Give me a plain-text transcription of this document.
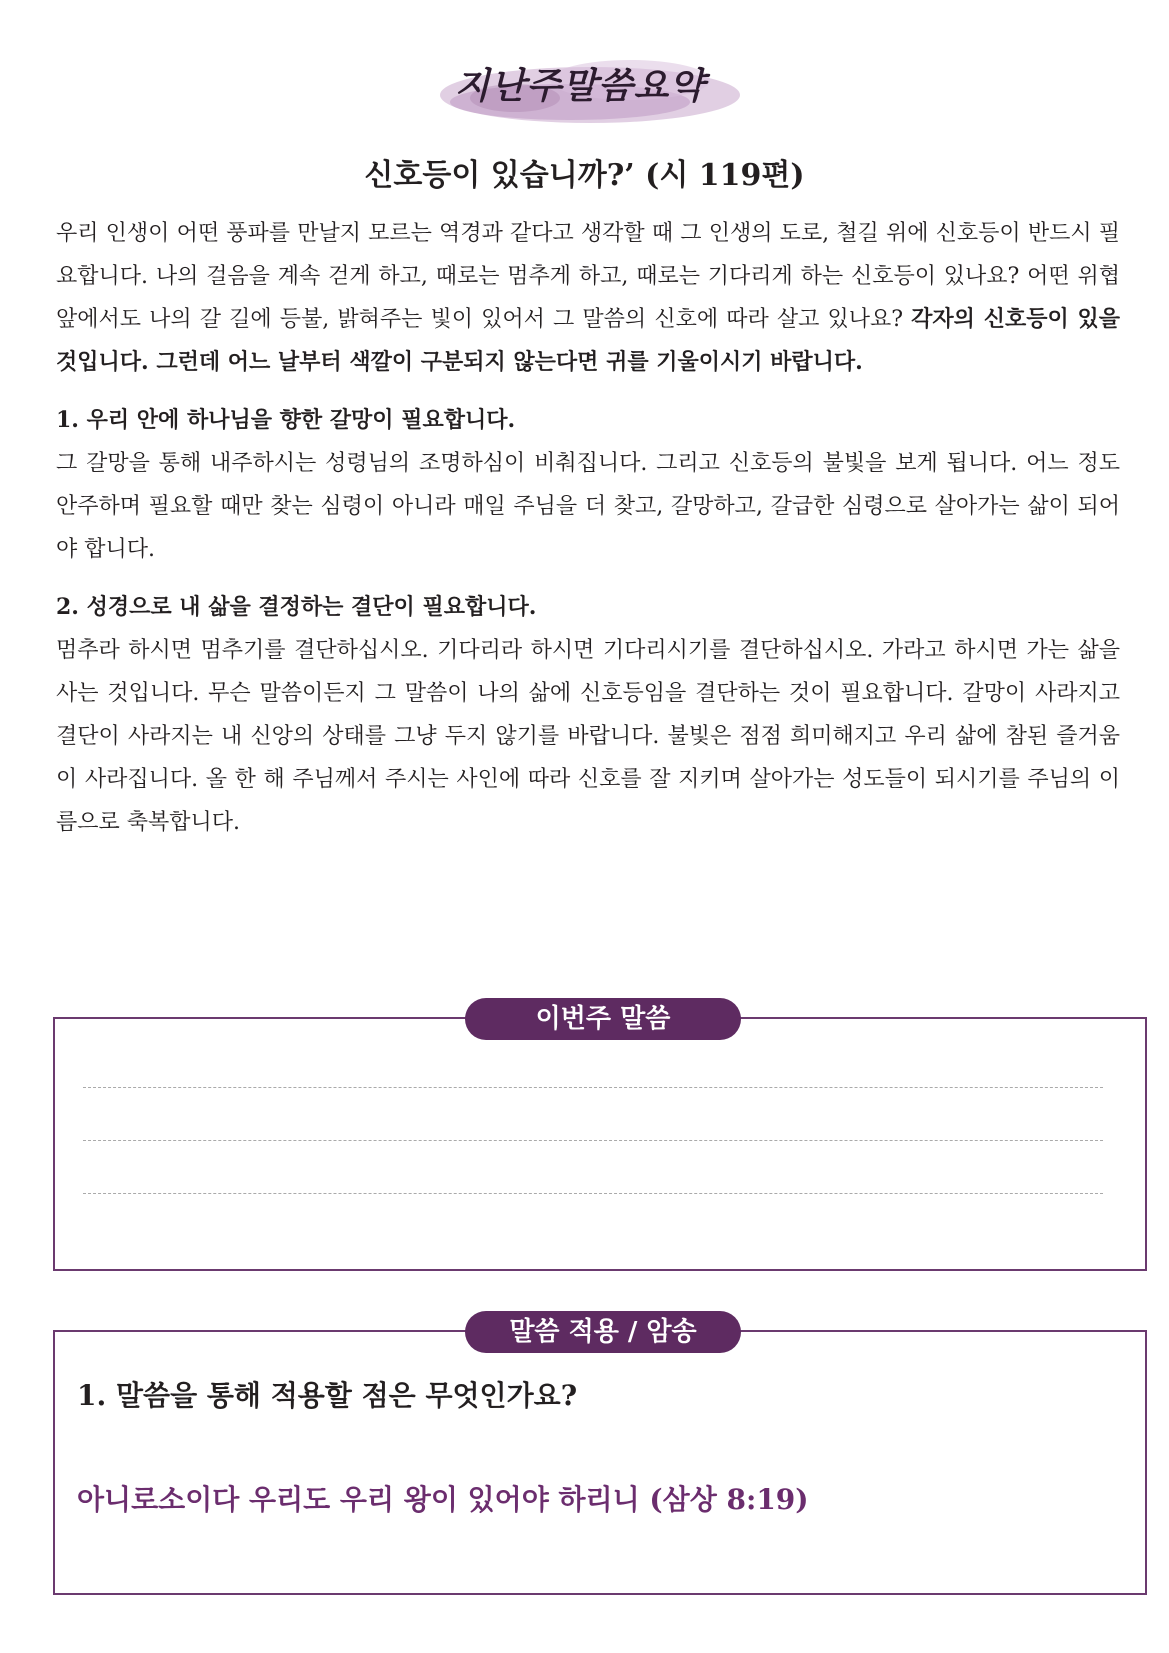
지난주말씀요약
신호등이 있습니까?’ (시 119편)

우리 인생이 어떤 풍파를 만날지 모르는 역경과 같다고 생각할 때 그 인생의 도로, 철길 위에 신호등이 반드시 필요합니다. 나의 걸음을 계속 걷게 하고, 때로는 멈추게 하고, 때로는 기다리게 하는 신호등이 있나요? 어떤 위협 앞에서도 나의 갈 길에 등불, 밝혀주는 빛이 있어서 그 말씀의 신호에 따라 살고 있나요? 각자의 신호등이 있을 것입니다. 그런데 어느 날부터 색깔이 구분되지 않는다면 귀를 기울이시기 바랍니다.

1. 우리 안에 하나님을 향한 갈망이 필요합니다.
그 갈망을 통해 내주하시는 성령님의 조명하심이 비춰집니다. 그리고 신호등의 불빛을 보게 됩니다. 어느 정도 안주하며 필요할 때만 찾는 심령이 아니라 매일 주님을 더 찾고, 갈망하고, 갈급한 심령으로 살아가는 삶이 되어야 합니다.

2. 성경으로 내 삶을 결정하는 결단이 필요합니다.
멈추라 하시면 멈추기를 결단하십시오. 기다리라 하시면 기다리시기를 결단하십시오. 가라고 하시면 가는 삶을 사는 것입니다. 무슨 말씀이든지 그 말씀이 나의 삶에 신호등임을 결단하는 것이 필요합니다. 갈망이 사라지고 결단이 사라지는 내 신앙의 상태를 그냥 두지 않기를 바랍니다. 불빛은 점점 희미해지고 우리 삶에 참된 즐거움이 사라집니다. 올 한 해 주님께서 주시는 사인에 따라 신호를 잘 지키며 살아가는 성도들이 되시기를 주님의 이름으로 축복합니다.

이번주 말씀
1. 말씀을 통해 적용할 점은 무엇인가요?
아니로소이다 우리도 우리 왕이 있어야 하리니 (삼상 8:19)
말씀 적용 / 암송
